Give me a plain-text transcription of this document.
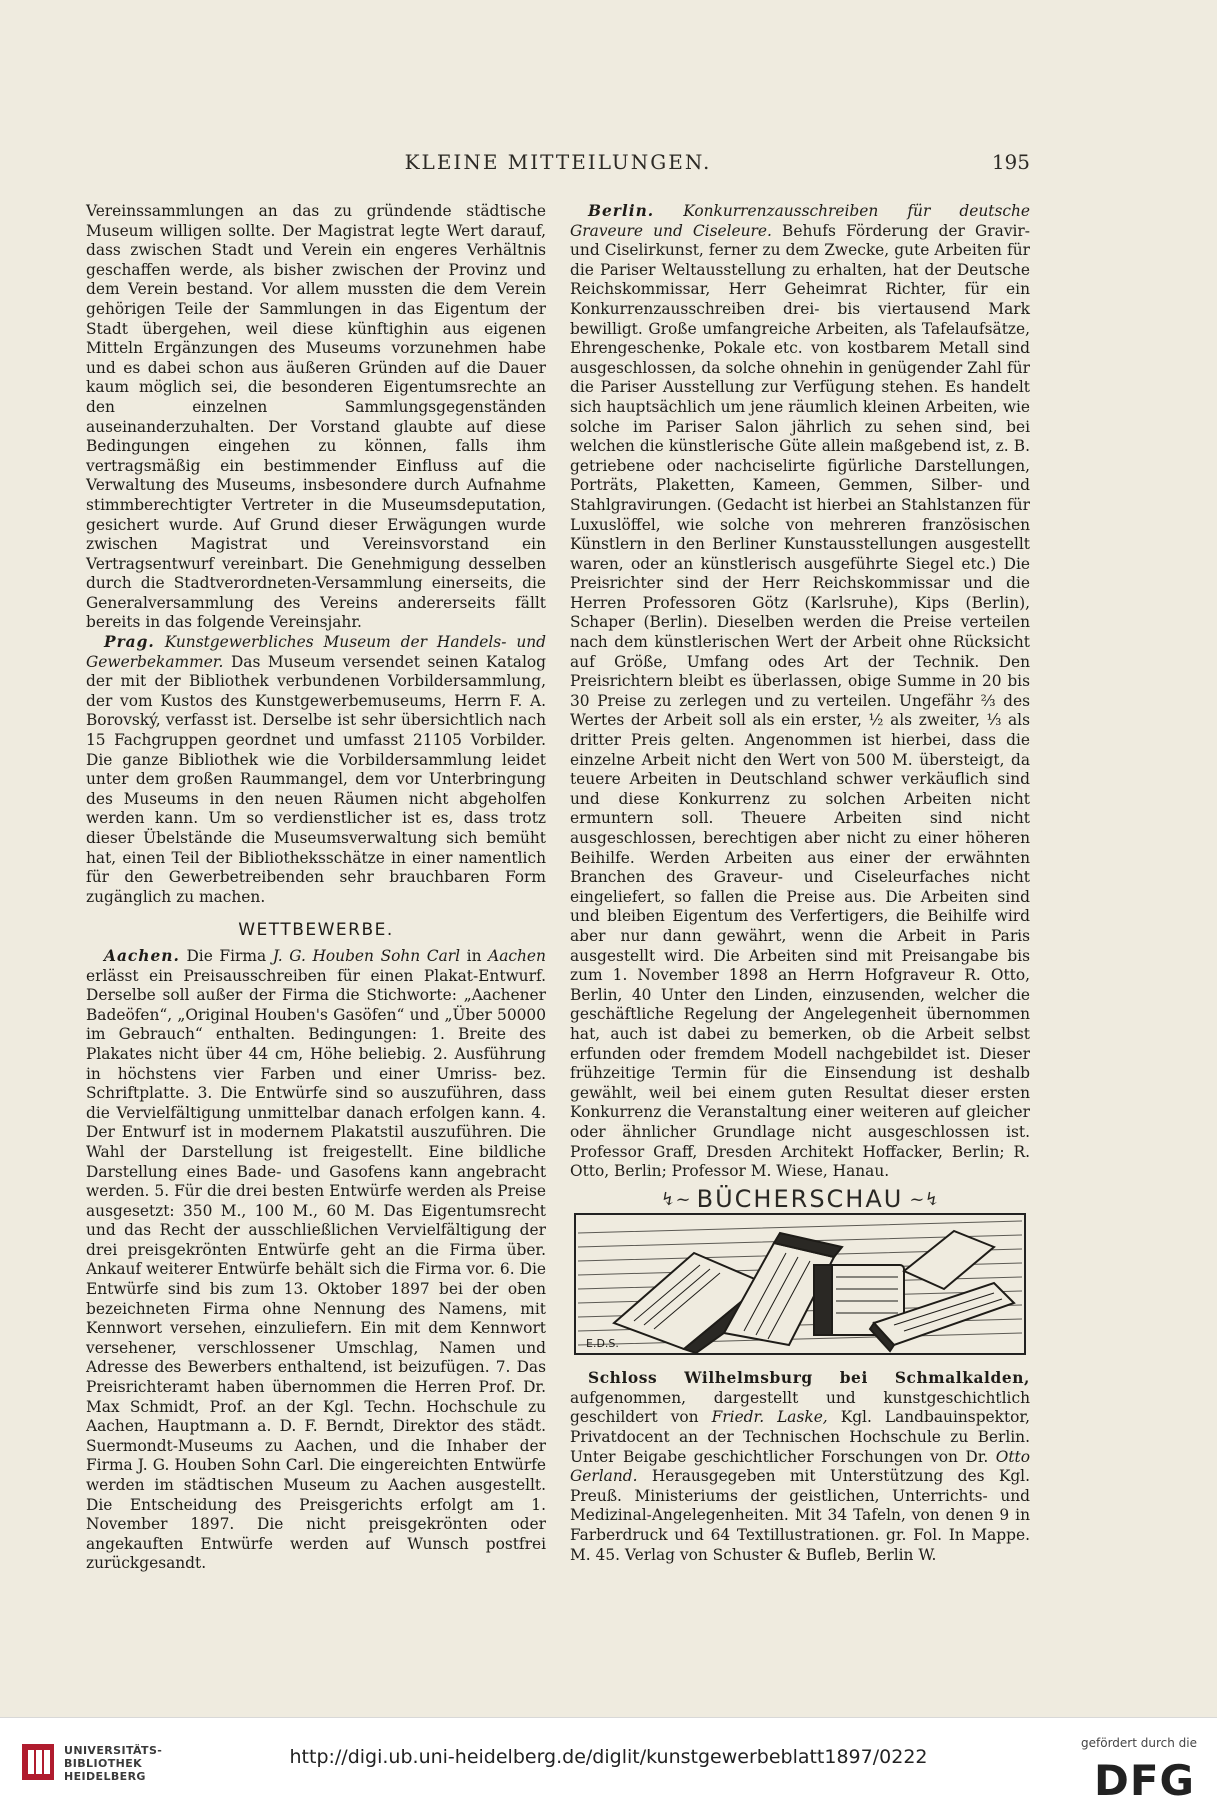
KLEINE MITTEILUNGEN.	195

Vereinssammlungen an das zu gründende städtische Museum willigen sollte. Der Magistrat legte Wert darauf, dass zwischen Stadt und Verein ein engeres Verhältnis geschaffen werde, als bisher zwischen der Provinz und dem Verein bestand. Vor allem mussten die dem Verein gehörigen Teile der Sammlungen in das Eigentum der Stadt übergehen, weil diese künftighin aus eigenen Mitteln Ergänzungen des Museums vorzunehmen habe und es dabei schon aus äußeren Gründen auf die Dauer kaum möglich sei, die besonderen Eigentumsrechte an den einzelnen Sammlungsgegenständen auseinanderzuhalten. Der Vorstand glaubte auf diese Bedingungen eingehen zu können, falls ihm vertragsmäßig ein bestimmender Einfluss auf die Verwaltung des Museums, insbesondere durch Aufnahme stimmberechtigter Vertreter in die Museumsdeputation, gesichert wurde. Auf Grund dieser Erwägungen wurde zwischen Magistrat und Vereinsvorstand ein Vertragsentwurf vereinbart. Die Genehmigung desselben durch die Stadtverordneten-Versammlung einerseits, die Generalversammlung des Vereins andererseits fällt bereits in das folgende Vereinsjahr.

Prag. Kunstgewerbliches Museum der Handels- und Gewerbekammer. Das Museum versendet seinen Katalog der mit der Bibliothek verbundenen Vorbildersammlung, der vom Kustos des Kunstgewerbemuseums, Herrn F. A. Borovský, verfasst ist. Derselbe ist sehr übersichtlich nach 15 Fachgruppen geordnet und umfasst 21105 Vorbilder. Die ganze Bibliothek wie die Vorbildersammlung leidet unter dem großen Raummangel, dem vor Unterbringung des Museums in den neuen Räumen nicht abgeholfen werden kann. Um so verdienstlicher ist es, dass trotz dieser Übelstände die Museumsverwaltung sich bemüht hat, einen Teil der Bibliotheksschätze in einer namentlich für den Gewerbetreibenden sehr brauchbaren Form zugänglich zu machen.

WETTBEWERBE.

Aachen. Die Firma J. G. Houben Sohn Carl in Aachen erlässt ein Preisausschreiben für einen Plakat-Entwurf. Derselbe soll außer der Firma die Stichworte: „Aachener Badeöfen“, „Original Houben's Gasöfen“ und „Über 50000 im Gebrauch“ enthalten. Bedingungen: 1. Breite des Plakates nicht über 44 cm, Höhe beliebig. 2. Ausführung in höchstens vier Farben und einer Umriss- bez. Schriftplatte. 3. Die Entwürfe sind so auszuführen, dass die Vervielfältigung unmittelbar danach erfolgen kann. 4. Der Entwurf ist in modernem Plakatstil auszuführen. Die Wahl der Darstellung ist freigestellt. Eine bildliche Darstellung eines Bade- und Gasofens kann angebracht werden. 5. Für die drei besten Entwürfe werden als Preise ausgesetzt: 350 M., 100 M., 60 M. Das Eigentumsrecht und das Recht der ausschließlichen Vervielfältigung der drei preisgekrönten Entwürfe geht an die Firma über. Ankauf weiterer Entwürfe behält sich die Firma vor. 6. Die Entwürfe sind bis zum 13. Oktober 1897 bei der oben bezeichneten Firma ohne Nennung des Namens, mit Kennwort versehen, einzuliefern. Ein mit dem Kennwort versehener, verschlossener Umschlag, Namen und Adresse des Bewerbers enthaltend, ist beizufügen. 7. Das Preisrichteramt haben übernommen die Herren Prof. Dr. Max Schmidt, Prof. an der Kgl. Techn. Hochschule zu Aachen, Hauptmann a. D. F. Berndt, Direktor des städt. Suermondt-Museums zu Aachen, und die Inhaber der Firma J. G. Houben Sohn Carl. Die eingereichten Entwürfe werden im städtischen Museum zu Aachen ausgestellt. Die Entscheidung des Preisgerichts erfolgt am 1. November 1897. Die nicht preisgekrönten oder angekauften Entwürfe werden auf Wunsch postfrei zurückgesandt.

Berlin. Konkurrenzausschreiben für deutsche Graveure und Ciseleure. Behufs Förderung der Gravir- und Ciselirkunst, ferner zu dem Zwecke, gute Arbeiten für die Pariser Weltausstellung zu erhalten, hat der Deutsche Reichskommissar, Herr Geheimrat Richter, für ein Konkurrenzausschreiben drei- bis viertausend Mark bewilligt. Große umfangreiche Arbeiten, als Tafelaufsätze, Ehrengeschenke, Pokale etc. von kostbarem Metall sind ausgeschlossen, da solche ohnehin in genügender Zahl für die Pariser Ausstellung zur Verfügung stehen. Es handelt sich hauptsächlich um jene räumlich kleinen Arbeiten, wie solche im Pariser Salon jährlich zu sehen sind, bei welchen die künstlerische Güte allein maßgebend ist, z. B. getriebene oder nachciselirte figürliche Darstellungen, Porträts, Plaketten, Kameen, Gemmen, Silber- und Stahlgravirungen. (Gedacht ist hierbei an Stahlstanzen für Luxuslöffel, wie solche von mehreren französischen Künstlern in den Berliner Kunstausstellungen ausgestellt waren, oder an künstlerisch ausgeführte Siegel etc.) Die Preisrichter sind der Herr Reichskommissar und die Herren Professoren Götz (Karlsruhe), Kips (Berlin), Schaper (Berlin). Dieselben werden die Preise verteilen nach dem künstlerischen Wert der Arbeit ohne Rücksicht auf Größe, Umfang odes Art der Technik. Den Preisrichtern bleibt es überlassen, obige Summe in 20 bis 30 Preise zu zerlegen und zu verteilen. Ungefähr ⅔ des Wertes der Arbeit soll als ein erster, ½ als zweiter, ⅓ als dritter Preis gelten. Angenommen ist hierbei, dass die einzelne Arbeit nicht den Wert von 500 M. übersteigt, da teuere Arbeiten in Deutschland schwer verkäuflich sind und diese Konkurrenz zu solchen Arbeiten nicht ermuntern soll. Theuere Arbeiten sind nicht ausgeschlossen, berechtigen aber nicht zu einer höheren Beihilfe. Werden Arbeiten aus einer der erwähnten Branchen des Graveur- und Ciseleurfaches nicht eingeliefert, so fallen die Preise aus. Die Arbeiten sind und bleiben Eigentum des Verfertigers, die Beihilfe wird aber nur dann gewährt, wenn die Arbeit in Paris ausgestellt wird. Die Arbeiten sind mit Preisangabe bis zum 1. November 1898 an Herrn Hofgraveur R. Otto, Berlin, 40 Unter den Linden, einzusenden, welcher die geschäftliche Regelung der Angelegenheit übernommen hat, auch ist dabei zu bemerken, ob die Arbeit selbst erfunden oder fremdem Modell nachgebildet ist. Dieser frühzeitige Termin für die Einsendung ist deshalb gewählt, weil bei einem guten Resultat dieser ersten Konkurrenz die Veranstaltung einer weiteren auf gleicher oder ähnlicher Grundlage nicht ausgeschlossen ist. Professor Graff, Dresden Architekt Hoffacker, Berlin; R. Otto, Berlin; Professor M. Wiese, Hanau.

↯~ BÜCHERSCHAU ~↯
E.D.S.

Schloss Wilhelmsburg bei Schmalkalden, aufgenommen, dargestellt und kunstgeschichtlich geschildert von Friedr. Laske, Kgl. Landbauinspektor, Privatdocent an der Technischen Hochschule zu Berlin. Unter Beigabe geschichtlicher Forschungen von Dr. Otto Gerland. Herausgegeben mit Unterstützung des Kgl. Preuß. Ministeriums der geistlichen, Unterrichts- und Medizinal-Angelegenheiten. Mit 34 Tafeln, von denen 9 in Farberdruck und 64 Textillustrationen. gr. Fol. In Mappe. M. 45. Verlag von Schuster & Bufleb, Berlin W.

UNIVERSITÄTS-
BIBLIOTHEK
HEIDELBERG
http://digi.ub.uni-heidelberg.de/diglit/kunstgewerbeblatt1897/0222
gefördert durch die
DFG
